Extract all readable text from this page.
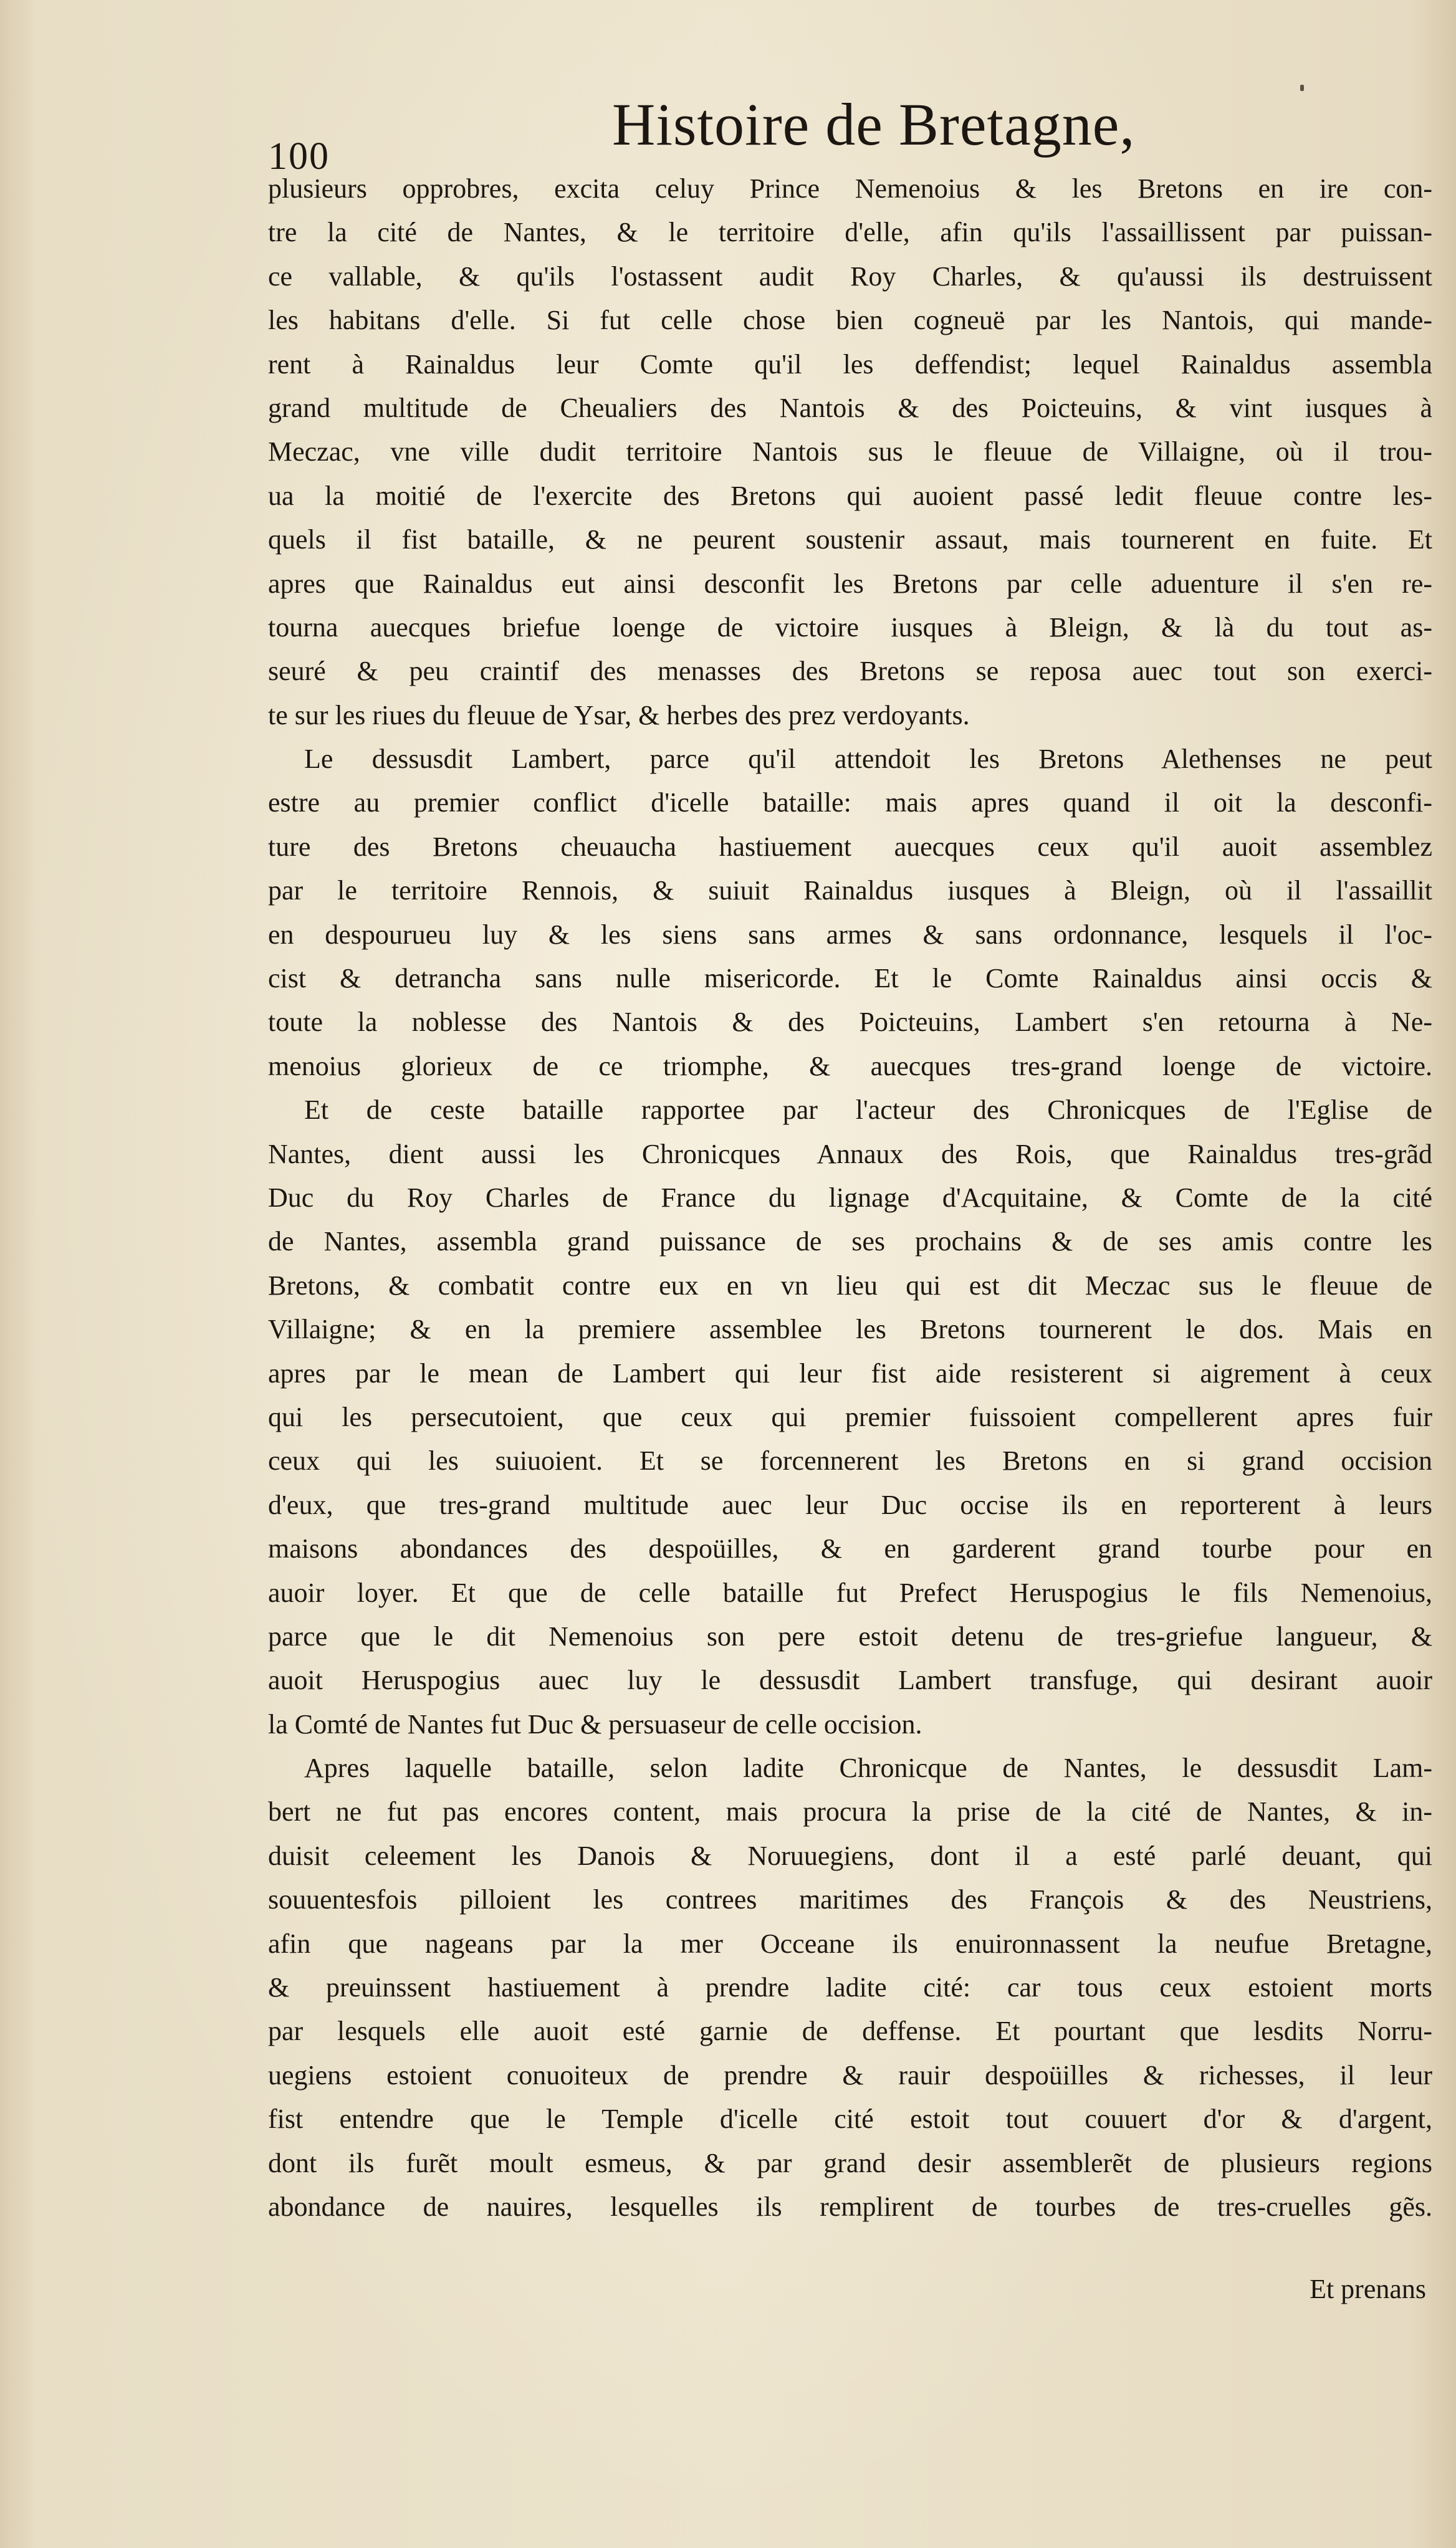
100	Histoire de Bretagne,
plusieurs opprobres, excita celuy Prince Nemenoius & les Bretons en ire con-
tre la cité de Nantes, & le territoire d'elle, afin qu'ils l'assaillissent par puissan-
ce vallable, & qu'ils l'ostassent audit Roy Charles, & qu'aussi ils destruissent
les habitans d'elle. Si fut celle chose bien cogneuë par les Nantois, qui mande-
rent à Rainaldus leur Comte qu'il les deffendist; lequel Rainaldus assembla
grand multitude de Cheualiers des Nantois & des Poicteuins, & vint iusques à
Meczac, vne ville dudit territoire Nantois sus le fleuue de Villaigne, où il trou-
ua la moitié de l'exercite des Bretons qui auoient passé ledit fleuue contre les-
quels il fist bataille, & ne peurent soustenir assaut, mais tournerent en fuite. Et
apres que Rainaldus eut ainsi desconfit les Bretons par celle aduenture il s'en re-
tourna auecques briefue loenge de victoire iusques à Bleign, & là du tout as-
seuré & peu craintif des menasses des Bretons se reposa auec tout son exerci-
te sur les riues du fleuue de Ysar, & herbes des prez verdoyants.
Le dessusdit Lambert, parce qu'il attendoit les Bretons Alethenses ne peut
estre au premier conflict d'icelle bataille: mais apres quand il oit la desconfi-
ture des Bretons cheuaucha hastiuement auecques ceux qu'il auoit assemblez
par le territoire Rennois, & suiuit Rainaldus iusques à Bleign, où il l'assaillit
en despourueu luy & les siens sans armes & sans ordonnance, lesquels il l'oc-
cist & detrancha sans nulle misericorde. Et le Comte Rainaldus ainsi occis &
toute la noblesse des Nantois & des Poicteuins, Lambert s'en retourna à Ne-
menoius glorieux de ce triomphe, & auecques tres-grand loenge de victoire.
Et de ceste bataille rapportee par l'acteur des Chronicques de l'Eglise de
Nantes, dient aussi les Chronicques Annaux des Rois, que Rainaldus tres-grãd
Duc du Roy Charles de France du lignage d'Acquitaine, & Comte de la cité
de Nantes, assembla grand puissance de ses prochains & de ses amis contre les
Bretons, & combatit contre eux en vn lieu qui est dit Meczac sus le fleuue de
Villaigne; & en la premiere assemblee les Bretons tournerent le dos. Mais en
apres par le mean de Lambert qui leur fist aide resisterent si aigrement à ceux
qui les persecutoient, que ceux qui premier fuissoient compellerent apres fuir
ceux qui les suiuoient. Et se forcennerent les Bretons en si grand occision
d'eux, que tres-grand multitude auec leur Duc occise ils en reporterent à leurs
maisons abondances des despoüilles, & en garderent grand tourbe pour en
auoir loyer. Et que de celle bataille fut Prefect Heruspogius le fils Nemenoius,
parce que le dit Nemenoius son pere estoit detenu de tres-griefue langueur, &
auoit Heruspogius auec luy le dessusdit Lambert transfuge, qui desirant auoir
la Comté de Nantes fut Duc & persuaseur de celle occision.
Apres laquelle bataille, selon ladite Chronicque de Nantes, le dessusdit Lam-
bert ne fut pas encores content, mais procura la prise de la cité de Nantes, & in-
duisit celeement les Danois & Noruuegiens, dont il a esté parlé deuant, qui
souuentesfois pilloient les contrees maritimes des François & des Neustriens,
afin que nageans par la mer Occeane ils enuironnassent la neufue Bretagne,
& preuinssent hastiuement à prendre ladite cité: car tous ceux estoient morts
par lesquels elle auoit esté garnie de deffense. Et pourtant que lesdits Norru-
uegiens estoient conuoiteux de prendre & rauir despoüilles & richesses, il leur
fist entendre que le Temple d'icelle cité estoit tout couuert d'or & d'argent,
dont ils furẽt moult esmeus, & par grand desir assemblerẽt de plusieurs regions
abondance de nauires, lesquelles ils remplirent de tourbes de tres-cruelles gẽs.
Et prenans
